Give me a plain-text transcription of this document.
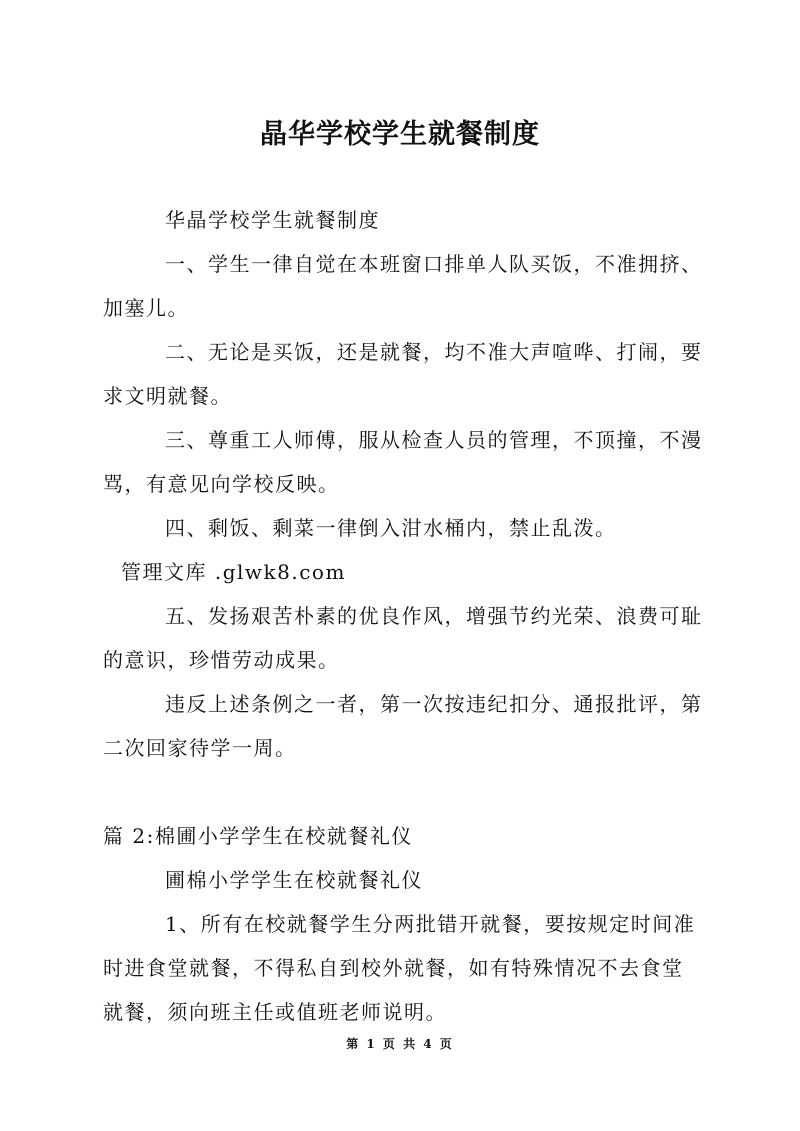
晶华学校学生就餐制度

华晶学校学生就餐制度

一、学生一律自觉在本班窗口排单人队买饭，不准拥挤、加塞儿。

二、无论是买饭，还是就餐，均不准大声喧哗、打闹，要求文明就餐。

三、尊重工人师傅，服从检查人员的管理，不顶撞，不漫骂，有意见向学校反映。

四、剩饭、剩菜一律倒入泔水桶内，禁止乱泼。

管理文库 .glwk8.com

五、发扬艰苦朴素的优良作风，增强节约光荣、浪费可耻的意识，珍惜劳动成果。

违反上述条例之一者，第一次按违纪扣分、通报批评，第二次回家待学一周。

篇 2:棉圃小学学生在校就餐礼仪

圃棉小学学生在校就餐礼仪

1、所有在校就餐学生分两批错开就餐，要按规定时间准时进食堂就餐，不得私自到校外就餐，如有特殊情况不去食堂就餐，须向班主任或值班老师说明。

第 1 页 共 4 页
